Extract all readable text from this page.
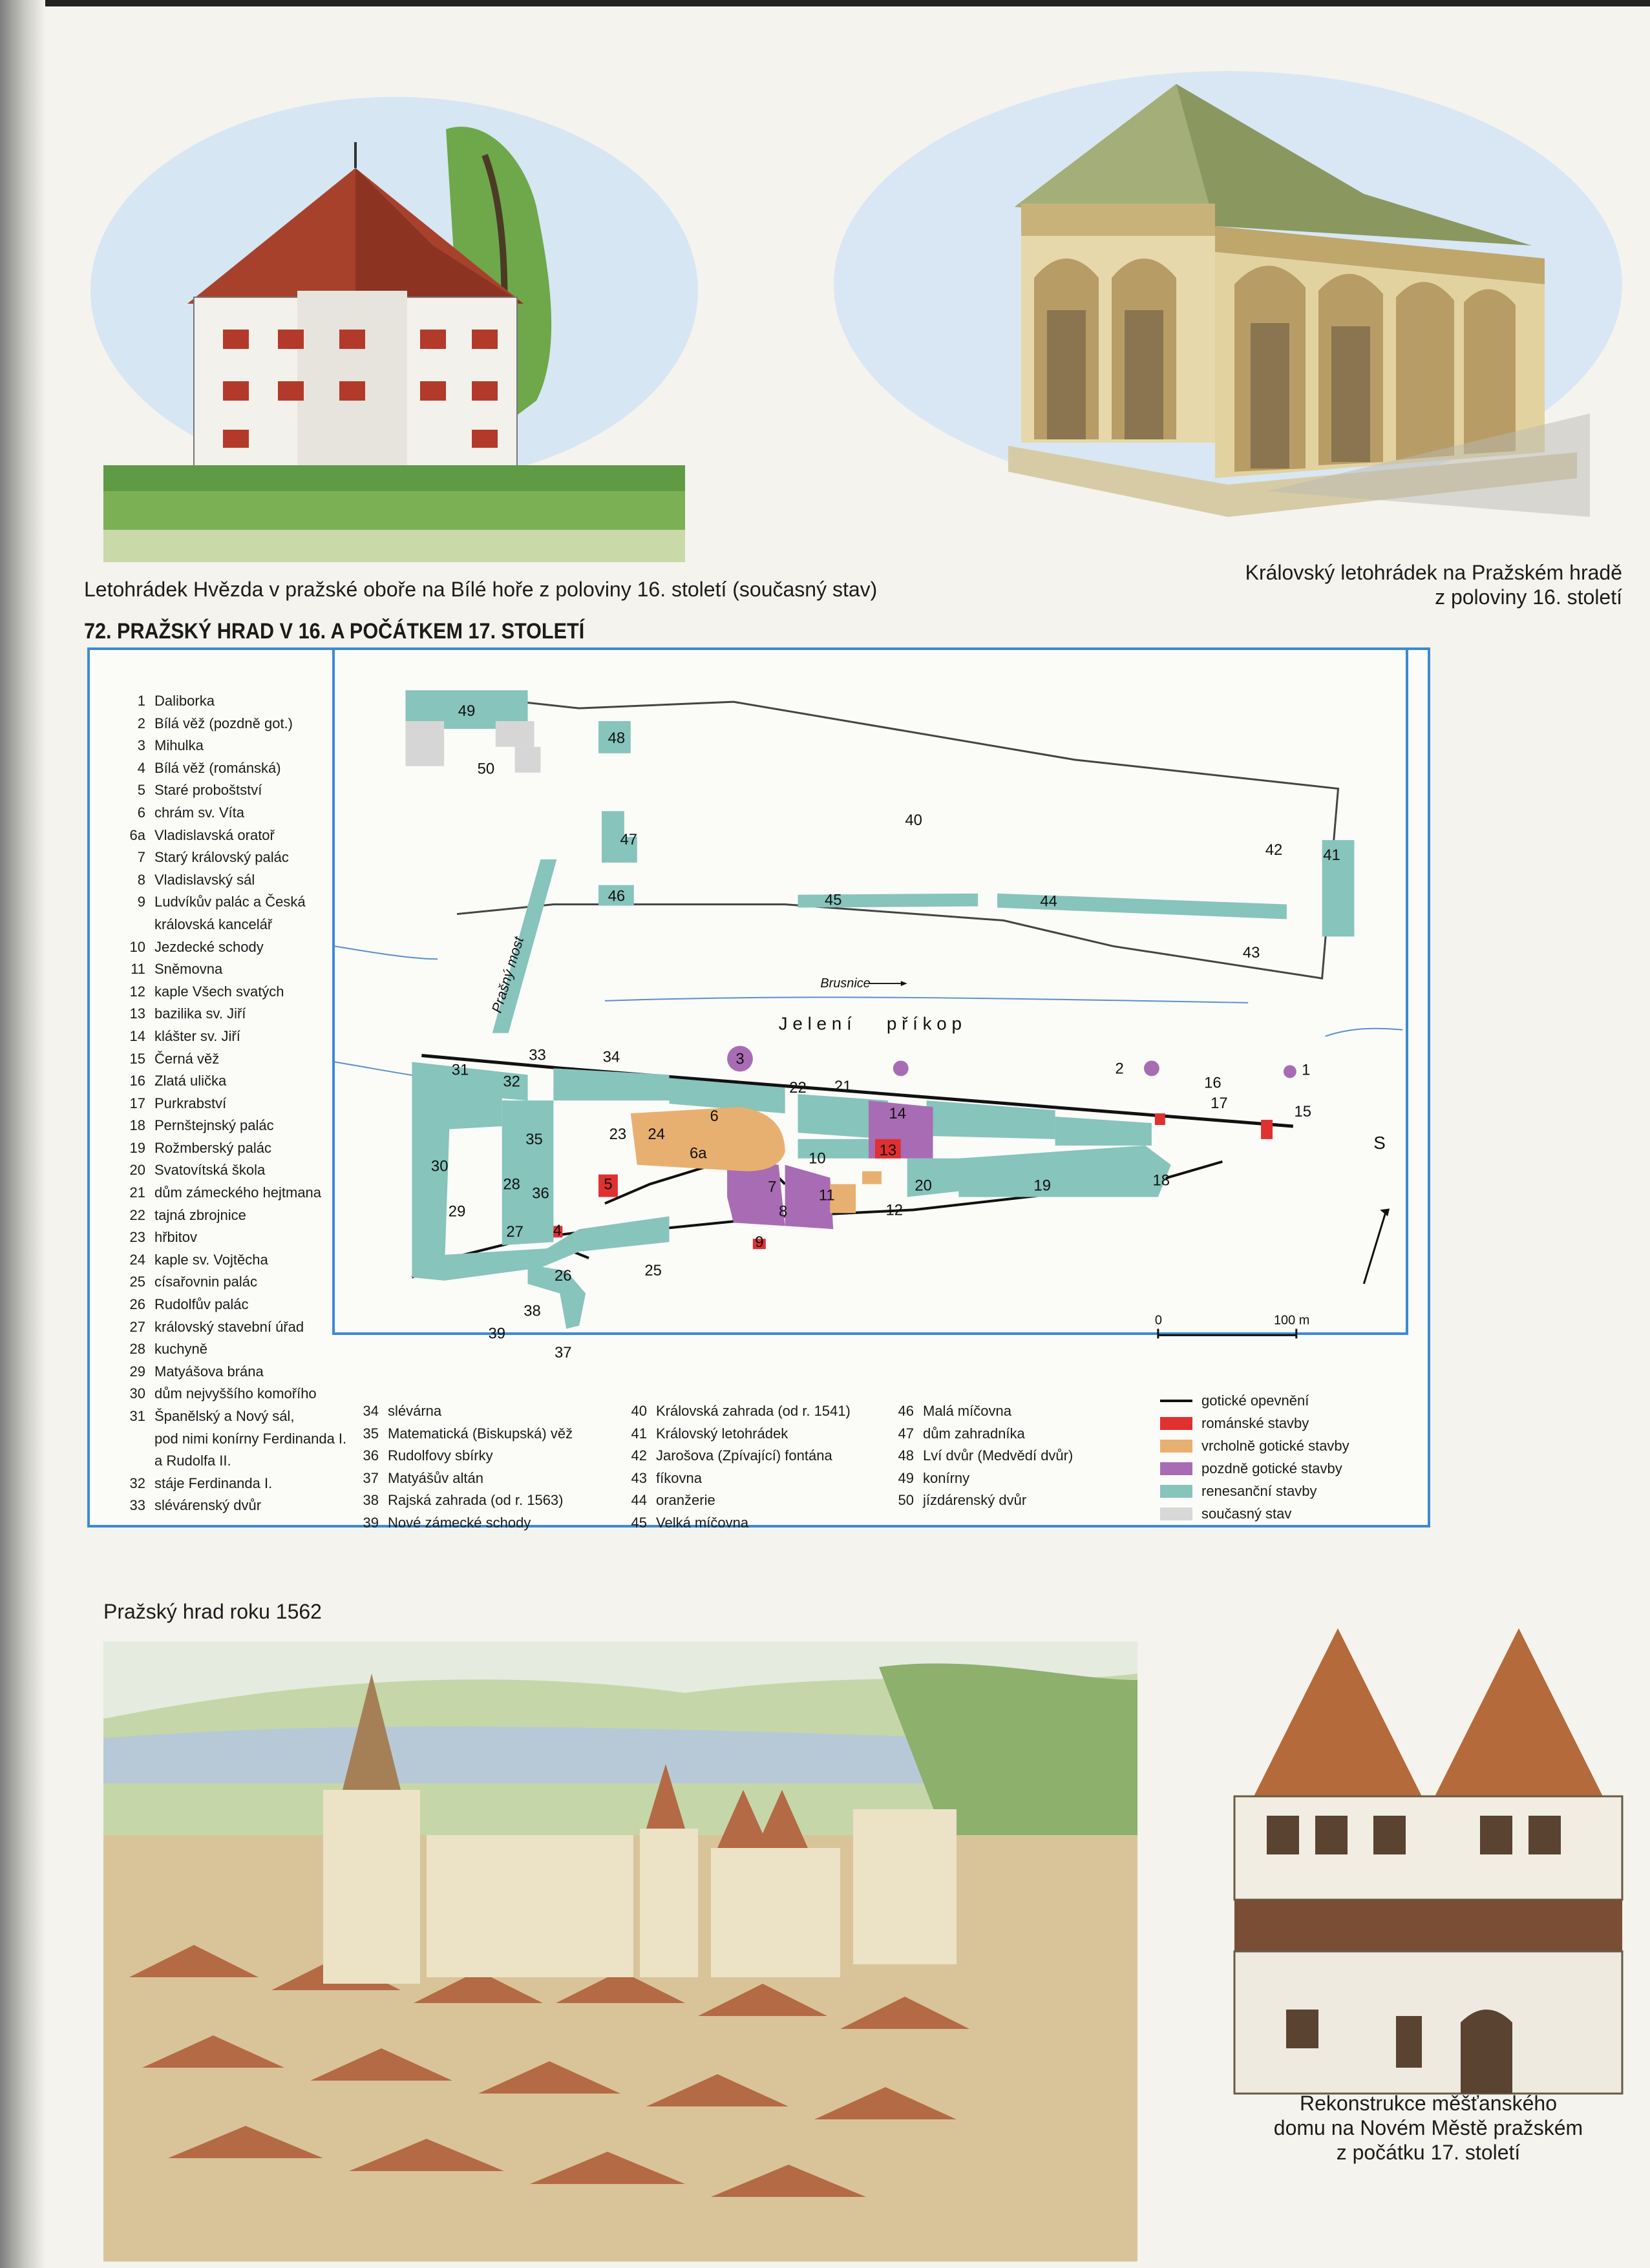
Letohrádek Hvězda v pražské oboře na Bílé hoře z poloviny 16. století (současný stav)
Královský letohrádek na Pražském hradě
z poloviny 16. století
72. PRAŽSKÝ HRAD V 16. A POČÁTKEM 17. STOLETÍ
49
50
48
47
46
40
45	44
42	41
43
31
33	34
32
3
2	1
22 21	16
17	15
6	14
23 24
35
6a	13
10
30
5
28	7	20	19	18
36	11
29	8	12
27 4
9
26	25
38
39
37
Prašný most	Brusnice
J e l e n í       p ř í k o p
S
0	100 m
1 Daliborka
2 Bílá věž (pozdně got.)
3 Mihulka
4 Bílá věž (románská)
5 Staré proboštství
6 chrám sv. Víta
6a Vladislavská oratoř
7 Starý královský palác
8 Vladislavský sál
9 Ludvíkův palác a Česká
královská kancelář
10 Jezdecké schody
11 Sněmovna
12 kaple Všech svatých
13 bazilika sv. Jiří
14 klášter sv. Jiří
15 Černá věž
16 Zlatá ulička
17 Purkrabství
18 Pernštejnský palác
19 Rožmberský palác
20 Svatovítská škola
21 dům zámeckého hejtmana
22 tajná zbrojnice
23 hřbitov
24 kaple sv. Vojtěcha
25 císařovnin palác
26 Rudolfův palác
27 královský stavební úřad
28 kuchyně
29 Matyášova brána
30 dům nejvyššího komořího
31 Španělský a Nový sál,
pod nimi konírny Ferdinanda I.
a Rudolfa II.
32 stáje Ferdinanda I.
33 slévárenský dvůr
34 slévárna
35 Matematická (Biskupská) věž
36 Rudolfovy sbírky
37 Matyášův altán
38 Rajská zahrada (od r. 1563)
39 Nové zámecké schody
40 Královská zahrada (od r. 1541)
41 Královský letohrádek
42 Jarošova (Zpívající) fontána
43 fíkovna
44 oranžerie
45 Velká míčovna
46 Malá míčovna
47 dům zahradníka
48 Lví dvůr (Medvědí dvůr)
49 konírny
50 jízdárenský dvůr
gotické opevnění
románské stavby
vrcholně gotické stavby
pozdně gotické stavby
renesanční stavby
současný stav
Pražský hrad roku 1562
Rekonstrukce měšťanského
domu na Novém Městě pražském
z počátku 17. století
